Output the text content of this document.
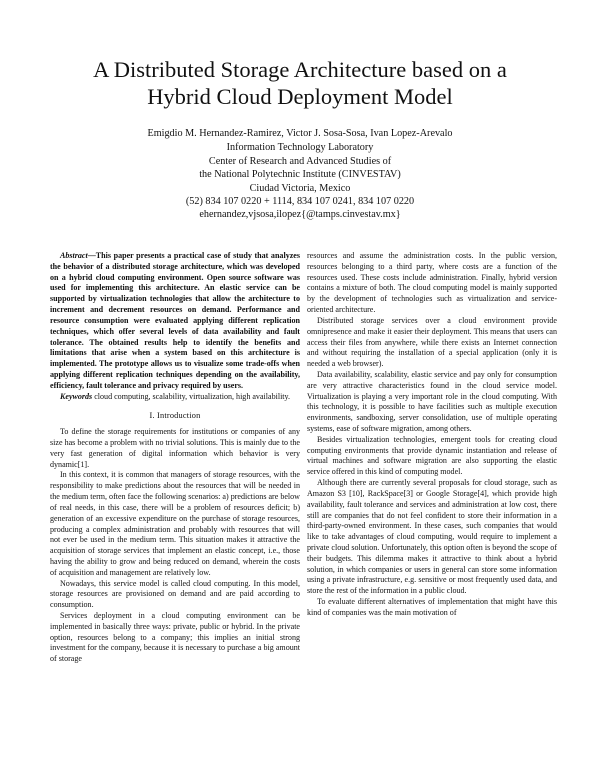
A Distributed Storage Architecture based on a
Hybrid Cloud Deployment Model
Emigdio M. Hernandez-Ramirez, Victor J. Sosa-Sosa, Ivan Lopez-Arevalo
Information Technology Laboratory
Center of Research and Advanced Studies of
the National Polytechnic Institute (CINVESTAV)
Ciudad Victoria, Mexico
(52) 834 107 0220 + 1114, 834 107 0241, 834 107 0220
ehernandez,vjsosa,ilopez{@tamps.cinvestav.mx}

Abstract—This paper presents a practical case of study that analyzes the behavior of a distributed storage architecture, which was developed on a hybrid cloud computing environment. Open source software was used for implementing this architecture. An elastic service can be supported by virtualization technologies that allow the architecture to increment and decrement resources on demand. Performance and resource consumption were evaluated applying different replication techniques, which offer several levels of data availability and fault tolerance. The obtained results help to identify the benefits and limitations that arise when a system based on this architecture is implemented. The prototype allows us to visualize some trade-offs when applying different replication techniques depending on the availability, efficiency, fault tolerance and privacy required by users.

Keywords cloud computing, scalability, virtualization, high availability.

I. Introduction

To define the storage requirements for institutions or companies of any size has become a problem with no trivial solutions. This is mainly due to the very fast generation of digital information which behavior is very dynamic[1].

In this context, it is common that managers of storage resources, with the responsibility to make predictions about the resources that will be needed in the medium term, often face the following scenarios: a) predictions are below of real needs, in this case, there will be a problem of resources deficit; b) generation of an excessive expenditure on the purchase of storage resources, producing a complex administration and probably with resources that will not ever be used in the medium term. This situation makes it attractive the acquisition of storage services that implement an elastic concept, i.e., those having the ability to grow and being reduced on demand, wherein the costs of acquisition and management are relatively low.

Nowadays, this service model is called cloud computing. In this model, storage resources are provisioned on demand and are paid according to consumption.

Services deployment in a cloud computing environment can be implemented in basically three ways: private, public or hybrid. In the private option, resources belong to a company; this implies an initial strong investment for the company, because it is necessary to purchase a big amount of storage

resources and assume the administration costs. In the public version, resources belonging to a third party, where costs are a function of the resources used. These costs include administration. Finally, hybrid version contains a mixture of both. The cloud computing model is mainly supported by the development of technologies such as virtualization and service-oriented architecture.

Distributed storage services over a cloud environment provide omnipresence and make it easier their deployment. This means that users can access their files from anywhere, while there exists an Internet connection and without requiring the installation of a special application (only it is needed a web browser).

Data availability, scalability, elastic service and pay only for consumption are very attractive characteristics found in the cloud service model. Virtualization is playing a very important role in the cloud computing. With this technology, it is possible to have facilities such as multiple execution environments, sandboxing, server consolidation, use of multiple operating systems, ease of software migration, among others.

Besides virtualization technologies, emergent tools for creating cloud computing environments that provide dynamic instantiation and release of virtual machines and software migration are also supporting the elastic service offered in this kind of computing model.

Although there are currently several proposals for cloud storage, such as Amazon S3 [10], RackSpace[3] or Google Storage[4], which provide high availability, fault tolerance and services and administration at low cost, there still are companies that do not feel confident to store their information in a third-party-owned environment. In these cases, such companies that would like to take advantages of cloud computing, would require to implement a private cloud solution. Unfortunately, this option often is beyond the scope of their budgets. This dilemma makes it attractive to think about a hybrid solution, in which companies or users in general can store some information using a private infrastructure, e.g. sensitive or most frequently used data, and store the rest of the information in a public cloud.

To evaluate different alternatives of implementation that might have this kind of companies was the main motivation of
